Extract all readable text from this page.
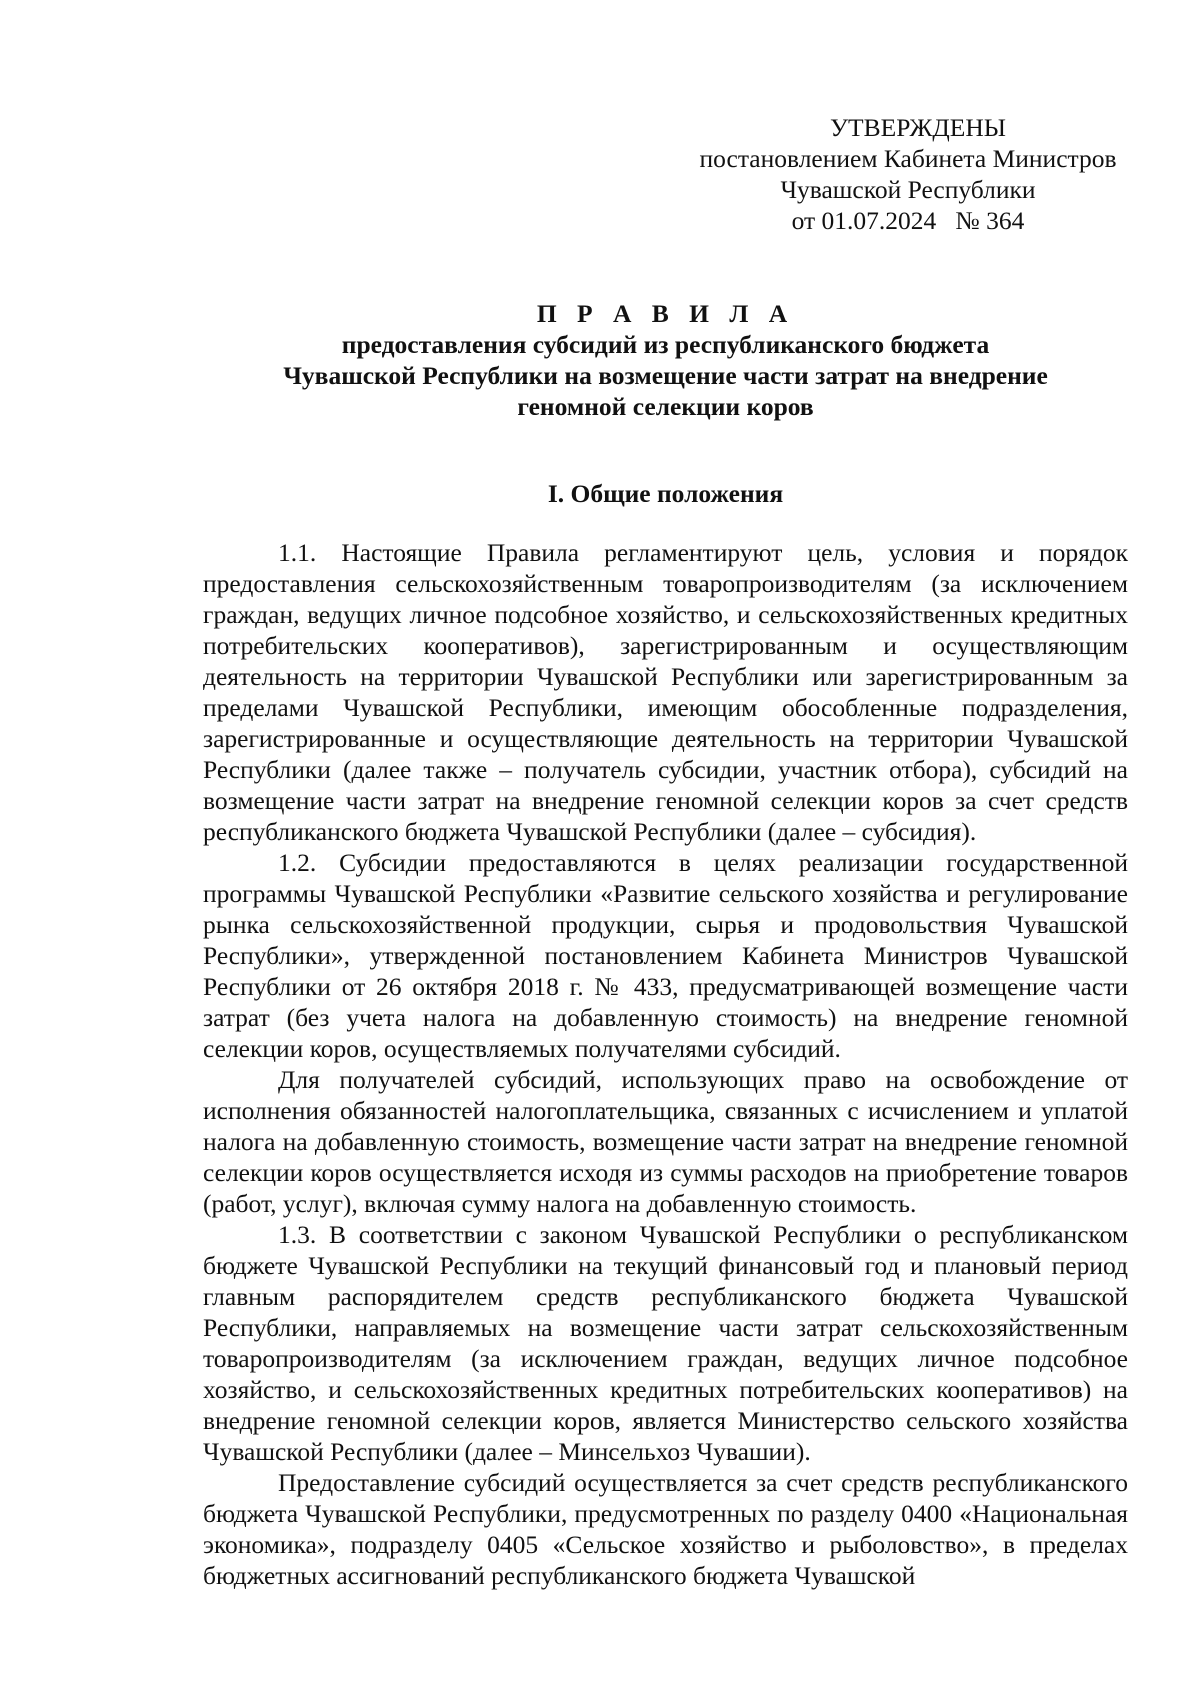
УТВЕРЖДЕНЫ
постановлением Кабинета Министров
Чувашской Республики
от 01.07.2024   № 364
П Р А В И Л А
предоставления субсидий из республиканского бюджета
Чувашской Республики на возмещение части затрат на внедрение
геномной селекции коров
I. Общие положения

1.1. Настоящие Правила регламентируют цель, условия и порядок предоставления сельскохозяйственным товаропроизводителям (за исключением граждан, ведущих личное подсобное хозяйство, и сельскохозяйственных кредитных потребительских кооперативов), зарегистрированным и осуществляющим деятельность на территории Чувашской Республики или зарегистрированным за пределами Чувашской Республики, имеющим обособленные подразделения, зарегистрированные и осуществляющие деятельность на территории Чувашской Республики (далее также – получатель субсидии, участник отбора), субсидий на возмещение части затрат на внедрение геномной селекции коров за счет средств республиканского бюджета Чувашской Республики (далее – субсидия).

1.2. Субсидии предоставляются в целях реализации государственной программы Чувашской Республики «Развитие сельского хозяйства и регулирование рынка сельскохозяйственной продукции, сырья и продовольствия Чувашской Республики», утвержденной постановлением Кабинета Министров Чувашской Республики от 26 октября 2018 г. № 433, предусматривающей возмещение части затрат (без учета налога на добавленную стоимость) на внедрение геномной селекции коров, осуществляемых получателями субсидий.

Для получателей субсидий, использующих право на освобождение от исполнения обязанностей налогоплательщика, связанных с исчислением и уплатой налога на добавленную стоимость, возмещение части затрат на внедрение геномной селекции коров осуществляется исходя из суммы расходов на приобретение товаров (работ, услуг), включая сумму налога на добавленную стоимость.

1.3. В соответствии с законом Чувашской Республики о республиканском бюджете Чувашской Республики на текущий финансовый год и плановый период главным распорядителем средств республиканского бюджета Чувашской Республики, направляемых на возмещение части затрат сельскохозяйственным товаропроизводителям (за исключением граждан, ведущих личное подсобное хозяйство, и сельскохозяйственных кредитных потребительских кооперативов) на внедрение геномной селекции коров, является Министерство сельского хозяйства Чувашской Республики (далее – Минсельхоз Чувашии).

Предоставление субсидий осуществляется за счет средств республиканского бюджета Чувашской Республики, предусмотренных по разделу 0400 «Национальная экономика», подразделу 0405 «Сельское хозяйство и рыболовство», в пределах бюджетных ассигнований республиканского бюджета Чувашской
